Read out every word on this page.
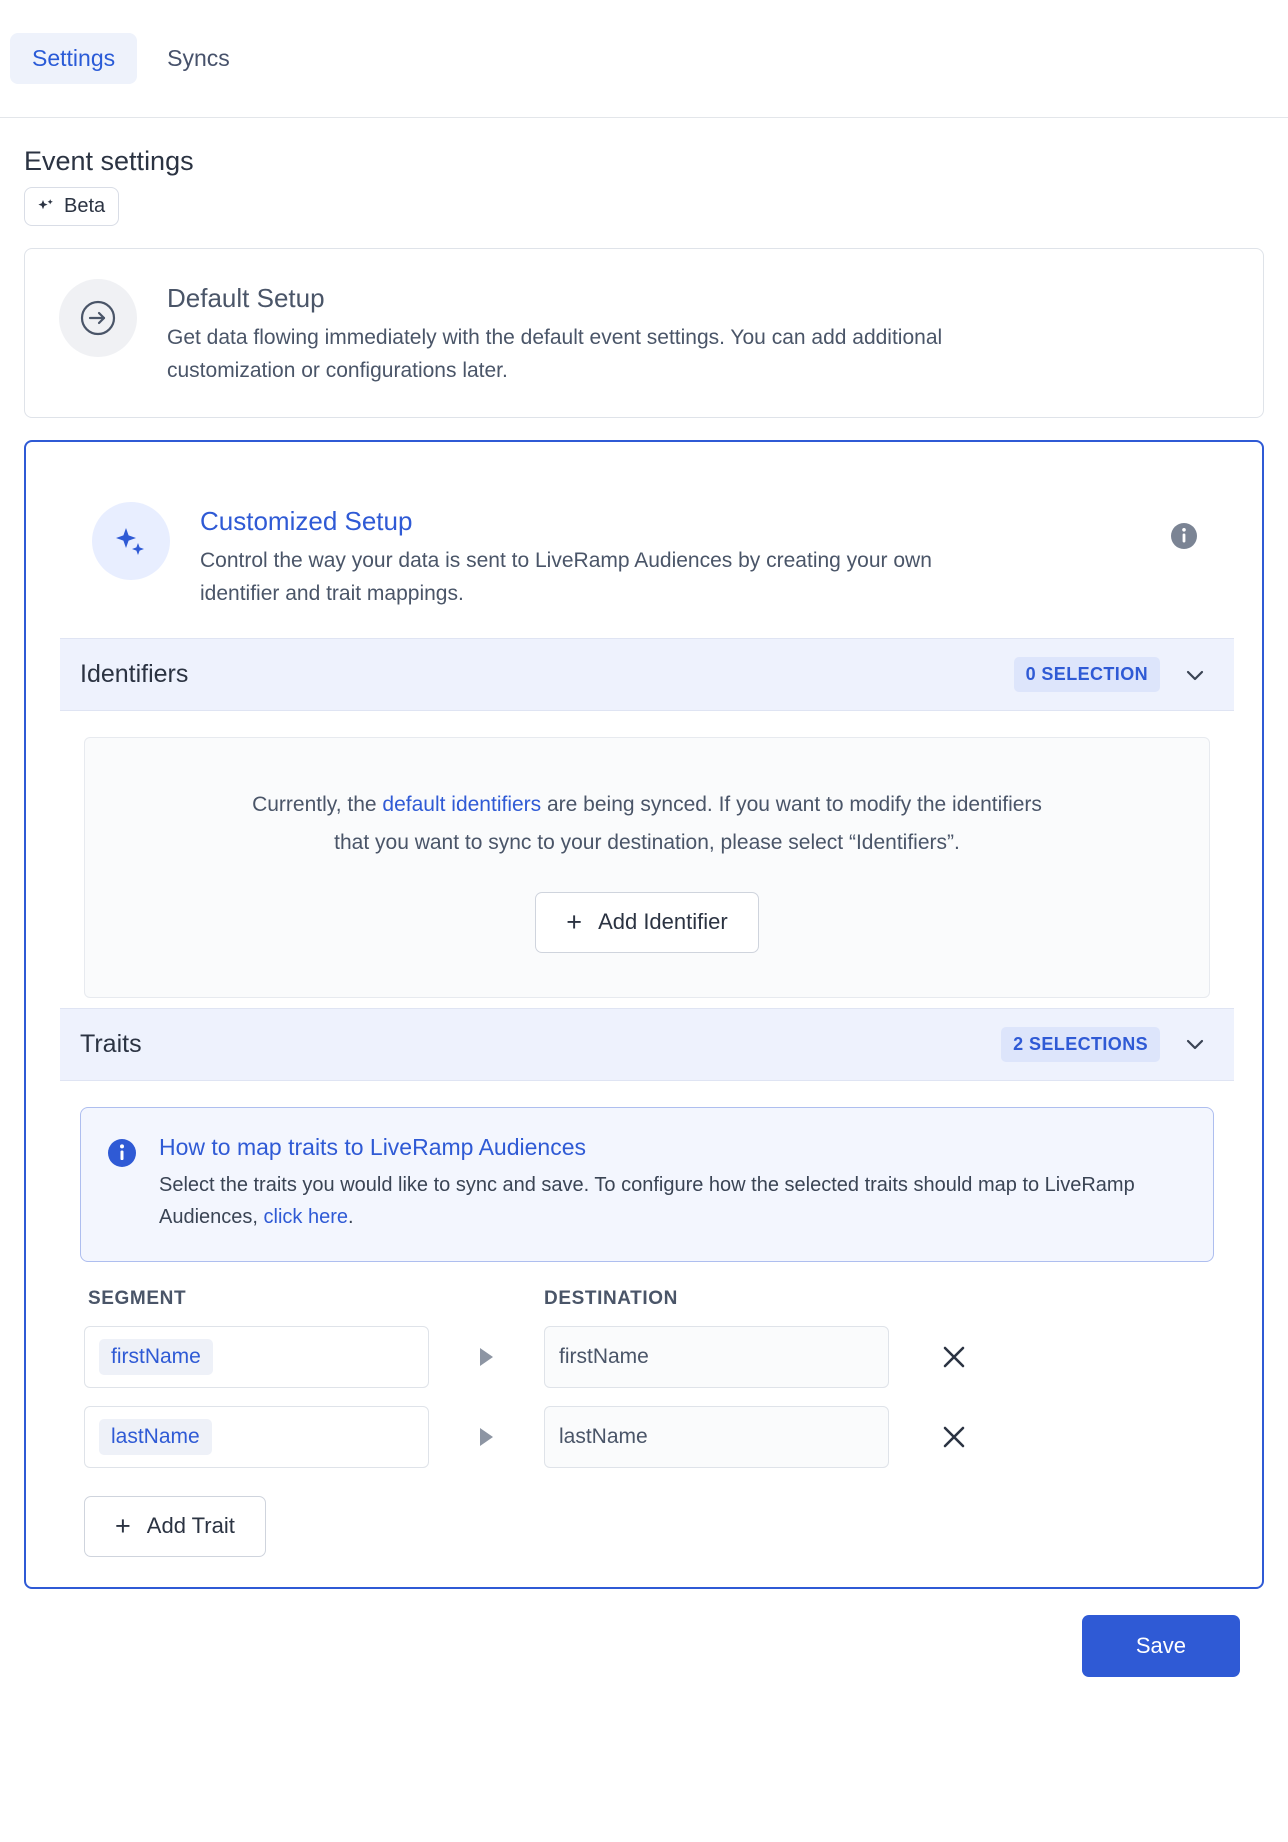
Settings	Syncs
Event settings
Beta
Default Setup

Get data flowing immediately with the default event settings. You can add additional customization or configurations later.

Customized Setup

Control the way your data is sent to LiveRamp Audiences by creating your own identifier and trait mappings.

Identifiers	0 SELECTION

Currently, the default identifiers are being synced. If you want to modify the identifiers that you want to sync to your destination, please select “Identifiers”.

+ Add Identifier
Traits	2 SELECTIONS
How to map traits to LiveRamp Audiences

Select the traits you would like to sync and save. To configure how the selected traits should map to LiveRamp Audiences, click here.

SEGMENT	DESTINATION
firstName	firstName
lastName	lastName
+ Add Trait
Save
